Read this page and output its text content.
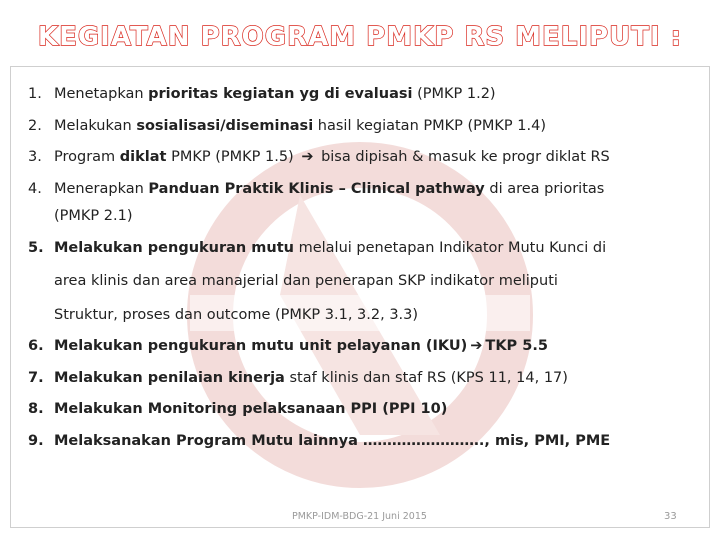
KEGIATAN PROGRAM PMKP RS MELIPUTI :
1. Menetapkan prioritas kegiatan yg di evaluasi (PMKP 1.2)
2. Melakukan sosialisasi/diseminasi hasil kegiatan PMKP (PMKP 1.4)
3. Program diklat PMKP (PMKP 1.5) ➔ bisa dipisah & masuk ke progr diklat RS
4. Menerapkan Panduan Praktik Klinis – Clinical pathway di area prioritas
(PMKP 2.1)
5. Melakukan pengukuran mutu melalui penetapan Indikator Mutu Kunci di
area klinis dan area manajerial dan penerapan SKP indikator meliputi
Struktur, proses dan outcome (PMKP 3.1, 3.2, 3.3)
6. Melakukan pengukuran mutu unit pelayanan (IKU) ➔ TKP 5.5
7. Melakukan penilaian kinerja staf klinis dan staf RS (KPS 11, 14, 17)
8. Melakukan Monitoring pelaksanaan PPI (PPI 10)
9. Melaksanakan Program Mutu lainnya ……………………., mis, PMI, PME
PMKP-IDM-BDG-21 Juni 2015	33
